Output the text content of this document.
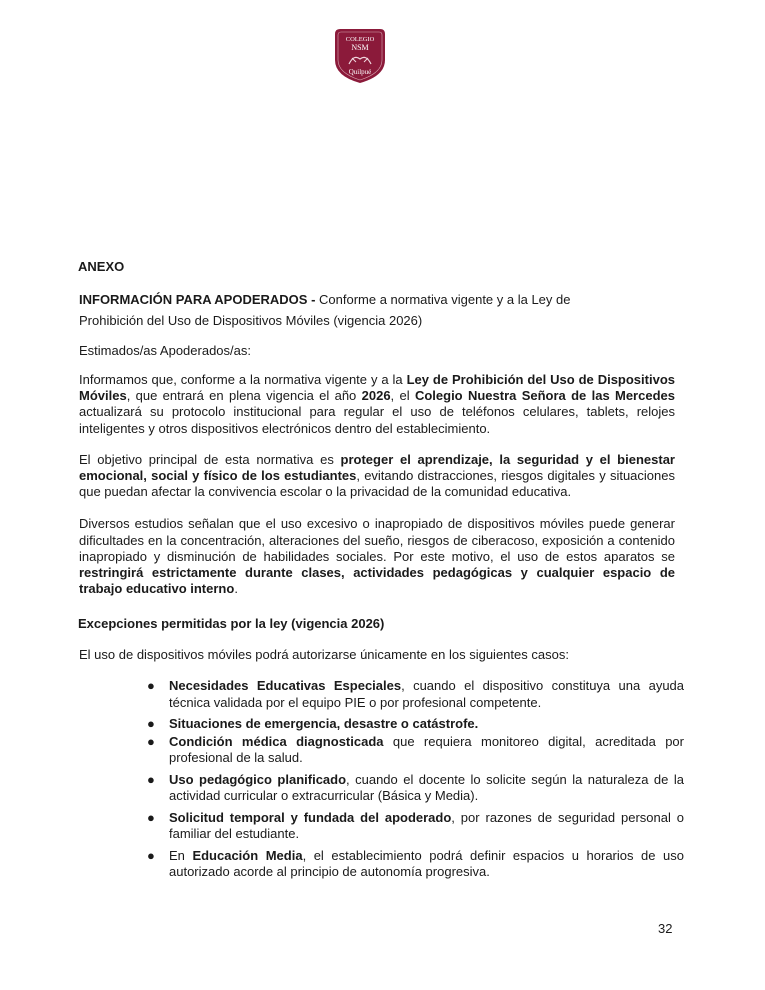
COLEGIO
NSM
Quilpué
ANEXO
INFORMACIÓN PARA APODERADOS - Conforme a normativa vigente y a la Ley de
Prohibición del Uso de Dispositivos Móviles (vigencia 2026)
Estimados/as Apoderados/as:

Informamos que, conforme a la normativa vigente y a la Ley de Prohibición del Uso de Dispositivos Móviles, que entrará en plena vigencia el año 2026, el Colegio Nuestra Señora de las Mercedes actualizará su protocolo institucional para regular el uso de teléfonos celulares, tablets, relojes inteligentes y otros dispositivos electrónicos dentro del establecimiento.

El objetivo principal de esta normativa es proteger el aprendizaje, la seguridad y el bienestar emocional, social y físico de los estudiantes, evitando distracciones, riesgos digitales y situaciones que puedan afectar la convivencia escolar o la privacidad de la comunidad educativa.

Diversos estudios señalan que el uso excesivo o inapropiado de dispositivos móviles puede generar dificultades en la concentración, alteraciones del sueño, riesgos de ciberacoso, exposición a contenido inapropiado y disminución de habilidades sociales. Por este motivo, el uso de estos aparatos se restringirá estrictamente durante clases, actividades pedagógicas y cualquier espacio de trabajo educativo interno.

Excepciones permitidas por la ley (vigencia 2026)
El uso de dispositivos móviles podrá autorizarse únicamente en los siguientes casos:
● Necesidades Educativas Especiales, cuando el dispositivo constituya una ayuda técnica validada por el equipo PIE o por profesional competente.
● Situaciones de emergencia, desastre o catástrofe.
● Condición médica diagnosticada que requiera monitoreo digital, acreditada por profesional de la salud.
● Uso pedagógico planificado, cuando el docente lo solicite según la naturaleza de la actividad curricular o extracurricular (Básica y Media).
● Solicitud temporal y fundada del apoderado, por razones de seguridad personal o familiar del estudiante.
● En Educación Media, el establecimiento podrá definir espacios u horarios de uso autorizado acorde al principio de autonomía progresiva.
32
